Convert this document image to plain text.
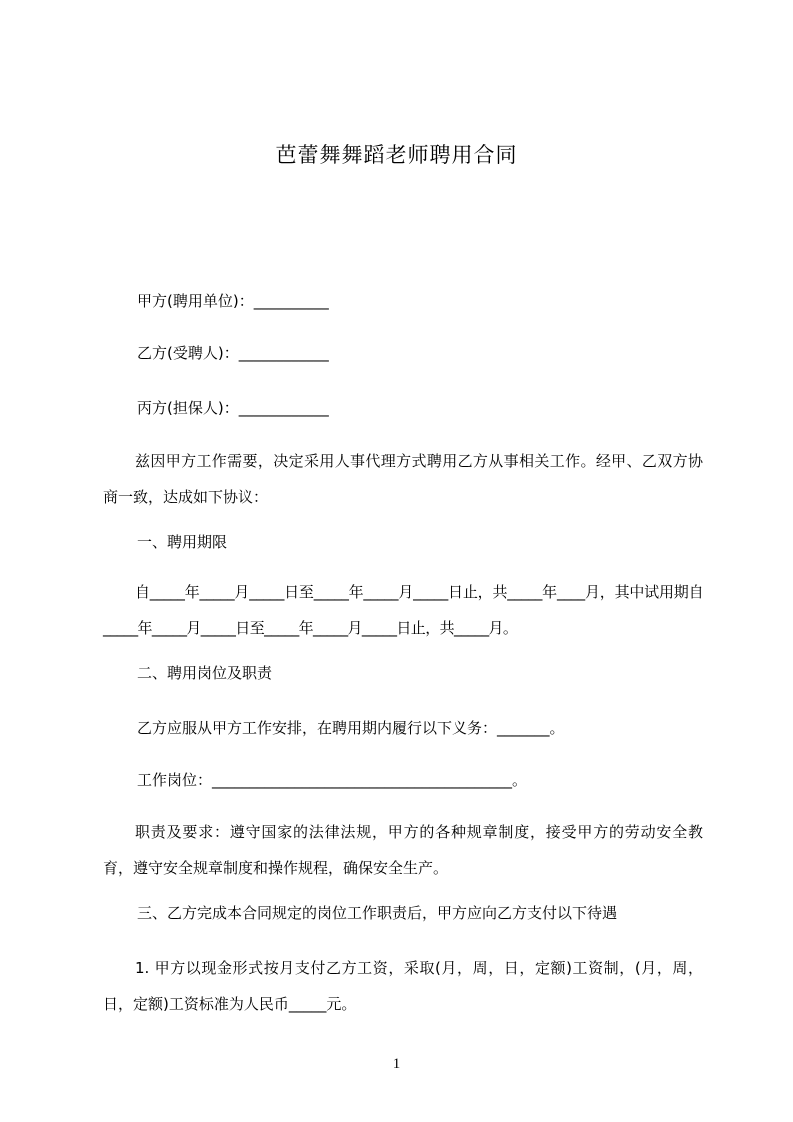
芭蕾舞舞蹈老师聘用合同
甲方(聘用单位)：__________
乙方(受聘人)：____________
丙方(担保人)：____________
兹因甲方工作需要，决定采用人事代理方式聘用乙方从事相关工作。经甲、乙双方协商一致，达成如下协议：
一、聘用期限
自_____年_____月_____日至_____年_____月_____日止，共_____年____月，其中试用期自_____年_____月_____日至_____年_____月_____日止，共_____月。
二、聘用岗位及职责
乙方应服从甲方工作安排，在聘用期内履行以下义务：_______。
工作岗位：________________________________________。
职责及要求：遵守国家的法律法规，甲方的各种规章制度，接受甲方的劳动安全教育，遵守安全规章制度和操作规程，确保安全生产。
三、乙方完成本合同规定的岗位工作职责后，甲方应向乙方支付以下待遇
1. 甲方以现金形式按月支付乙方工资，采取(月，周，日，定额)工资制，(月，周，日，定额)工资标准为人民币_____元。
1
